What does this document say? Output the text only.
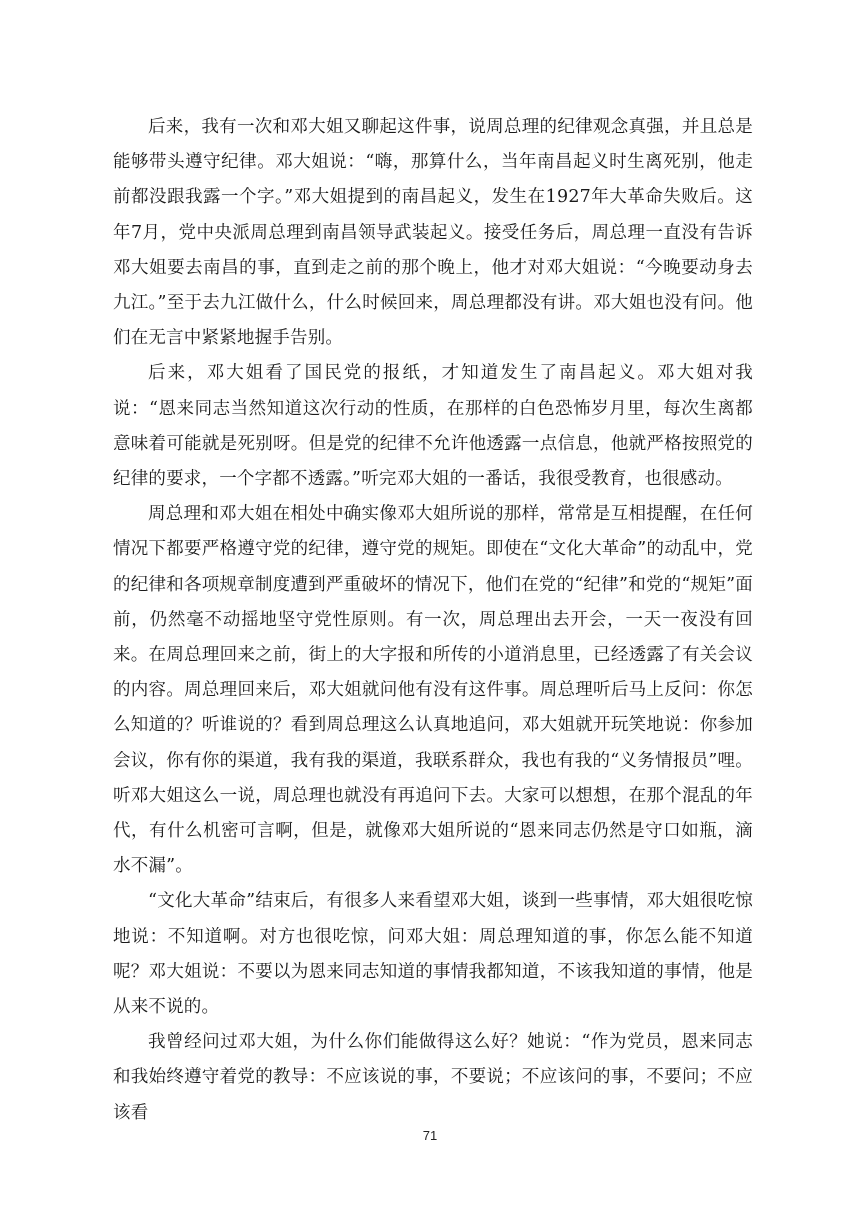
后来，我有一次和邓大姐又聊起这件事，说周总理的纪律观念真强，并且总是能够带头遵守纪律。邓大姐说：“嗨，那算什么，当年南昌起义时生离死别，他走前都没跟我露一个字。”邓大姐提到的南昌起义，发生在1927年大革命失败后。这年7月，党中央派周总理到南昌领导武装起义。接受任务后，周总理一直没有告诉邓大姐要去南昌的事，直到走之前的那个晚上，他才对邓大姐说：“今晚要动身去九江。”至于去九江做什么，什么时候回来，周总理都没有讲。邓大姐也没有问。他们在无言中紧紧地握手告别。

后来，邓大姐看了国民党的报纸，才知道发生了南昌起义。邓大姐对我说：“恩来同志当然知道这次行动的性质，在那样的白色恐怖岁月里，每次生离都意味着可能就是死别呀。但是党的纪律不允许他透露一点信息，他就严格按照党的纪律的要求，一个字都不透露。”听完邓大姐的一番话，我很受教育，也很感动。

周总理和邓大姐在相处中确实像邓大姐所说的那样，常常是互相提醒，在任何情况下都要严格遵守党的纪律，遵守党的规矩。即使在“文化大革命”的动乱中，党的纪律和各项规章制度遭到严重破坏的情况下，他们在党的“纪律”和党的“规矩”面前，仍然毫不动摇地坚守党性原则。有一次，周总理出去开会，一天一夜没有回来。在周总理回来之前，街上的大字报和所传的小道消息里，已经透露了有关会议的内容。周总理回来后，邓大姐就问他有没有这件事。周总理听后马上反问：你怎么知道的？听谁说的？看到周总理这么认真地追问，邓大姐就开玩笑地说：你参加会议，你有你的渠道，我有我的渠道，我联系群众，我也有我的“义务情报员”哩。听邓大姐这么一说，周总理也就没有再追问下去。大家可以想想，在那个混乱的年代，有什么机密可言啊，但是，就像邓大姐所说的“恩来同志仍然是守口如瓶，滴水不漏”。

“文化大革命”结束后，有很多人来看望邓大姐，谈到一些事情，邓大姐很吃惊地说：不知道啊。对方也很吃惊，问邓大姐：周总理知道的事，你怎么能不知道呢？邓大姐说：不要以为恩来同志知道的事情我都知道，不该我知道的事情，他是从来不说的。

我曾经问过邓大姐，为什么你们能做得这么好？她说：“作为党员，恩来同志和我始终遵守着党的教导：不应该说的事，不要说；不应该问的事，不要问；不应该看

71
